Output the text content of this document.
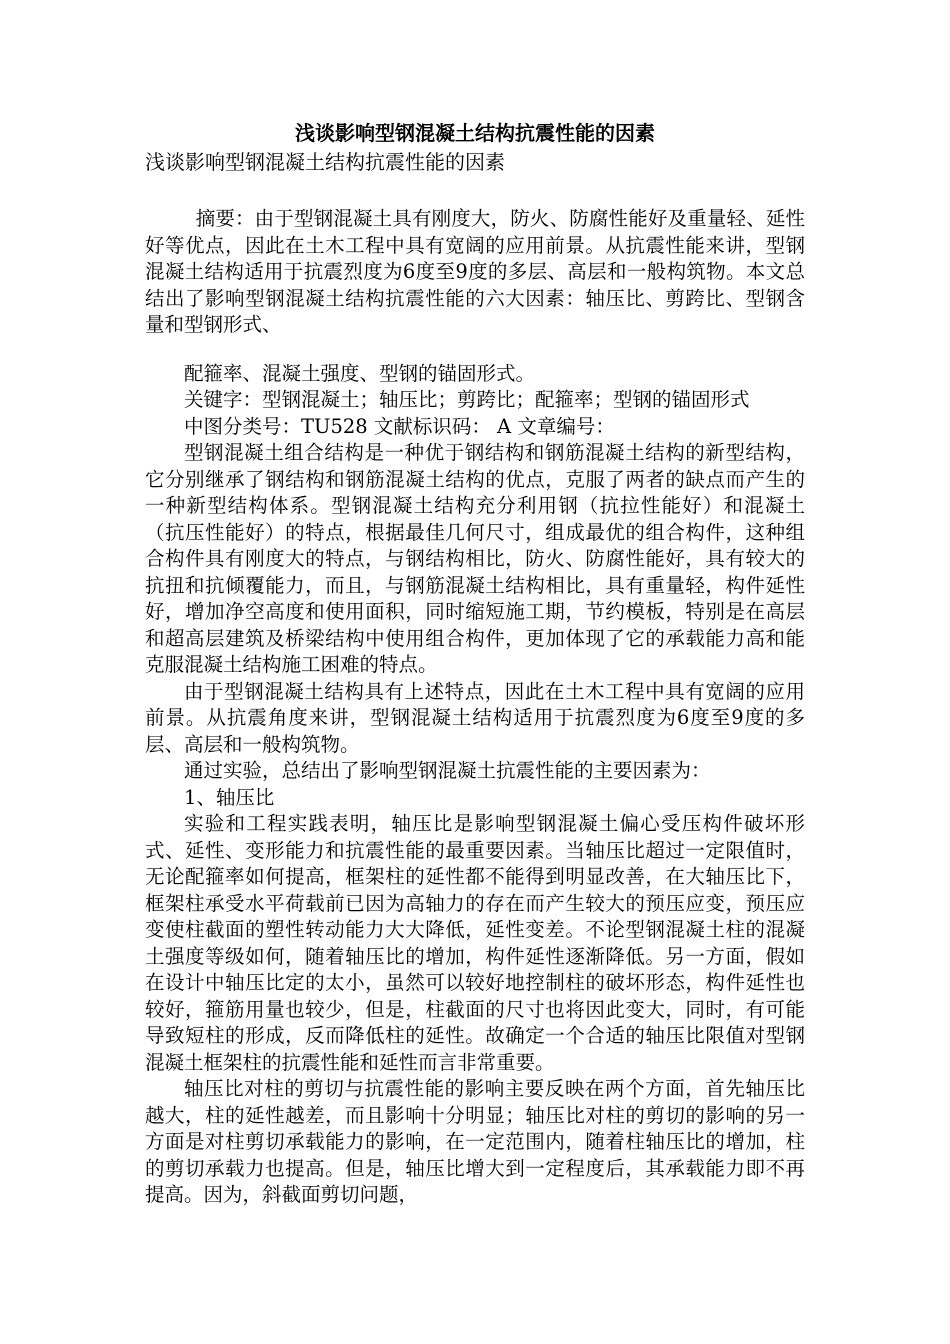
浅谈影响型钢混凝土结构抗震性能的因素

浅谈影响型钢混凝土结构抗震性能的因素

摘要：由于型钢混凝土具有刚度大，防火、防腐性能好及重量轻、延性好等优点，因此在土木工程中具有宽阔的应用前景。从抗震性能来讲，型钢混凝土结构适用于抗震烈度为6度至9度的多层、高层和一般构筑物。本文总结出了影响型钢混凝土结构抗震性能的六大因素：轴压比、剪跨比、型钢含量和型钢形式、

配箍率、混凝土强度、型钢的锚固形式。

关键字：型钢混凝土；轴压比；剪跨比；配箍率；型钢的锚固形式

中图分类号：TU528 文献标识码： A 文章编号：

型钢混凝土组合结构是一种优于钢结构和钢筋混凝土结构的新型结构，它分别继承了钢结构和钢筋混凝土结构的优点，克服了两者的缺点而产生的一种新型结构体系。型钢混凝土结构充分利用钢（抗拉性能好）和混凝土（抗压性能好）的特点，根据最佳几何尺寸，组成最优的组合构件，这种组合构件具有刚度大的特点，与钢结构相比，防火、防腐性能好，具有较大的抗扭和抗倾覆能力，而且，与钢筋混凝土结构相比，具有重量轻，构件延性好，增加净空高度和使用面积，同时缩短施工期，节约模板，特别是在高层和超高层建筑及桥梁结构中使用组合构件，更加体现了它的承载能力高和能克服混凝土结构施工困难的特点。

由于型钢混凝土结构具有上述特点，因此在土木工程中具有宽阔的应用前景。从抗震角度来讲，型钢混凝土结构适用于抗震烈度为6度至9度的多层、高层和一般构筑物。

通过实验，总结出了影响型钢混凝土抗震性能的主要因素为：

1、轴压比

实验和工程实践表明，轴压比是影响型钢混凝土偏心受压构件破坏形式、延性、变形能力和抗震性能的最重要因素。当轴压比超过一定限值时，无论配箍率如何提高，框架柱的延性都不能得到明显改善，在大轴压比下，框架柱承受水平荷载前已因为高轴力的存在而产生较大的预压应变，预压应变使柱截面的塑性转动能力大大降低，延性变差。不论型钢混凝土柱的混凝土强度等级如何，随着轴压比的增加，构件延性逐渐降低。另一方面，假如在设计中轴压比定的太小，虽然可以较好地控制柱的破坏形态，构件延性也较好，箍筋用量也较少，但是，柱截面的尺寸也将因此变大，同时，有可能导致短柱的形成，反而降低柱的延性。故确定一个合适的轴压比限值对型钢混凝土框架柱的抗震性能和延性而言非常重要。

轴压比对柱的剪切与抗震性能的影响主要反映在两个方面，首先轴压比越大，柱的延性越差，而且影响十分明显；轴压比对柱的剪切的影响的另一方面是对柱剪切承载能力的影响，在一定范围内，随着柱轴压比的增加，柱的剪切承载力也提高。但是，轴压比增大到一定程度后，其承载能力即不再提高。因为，斜截面剪切问题，
